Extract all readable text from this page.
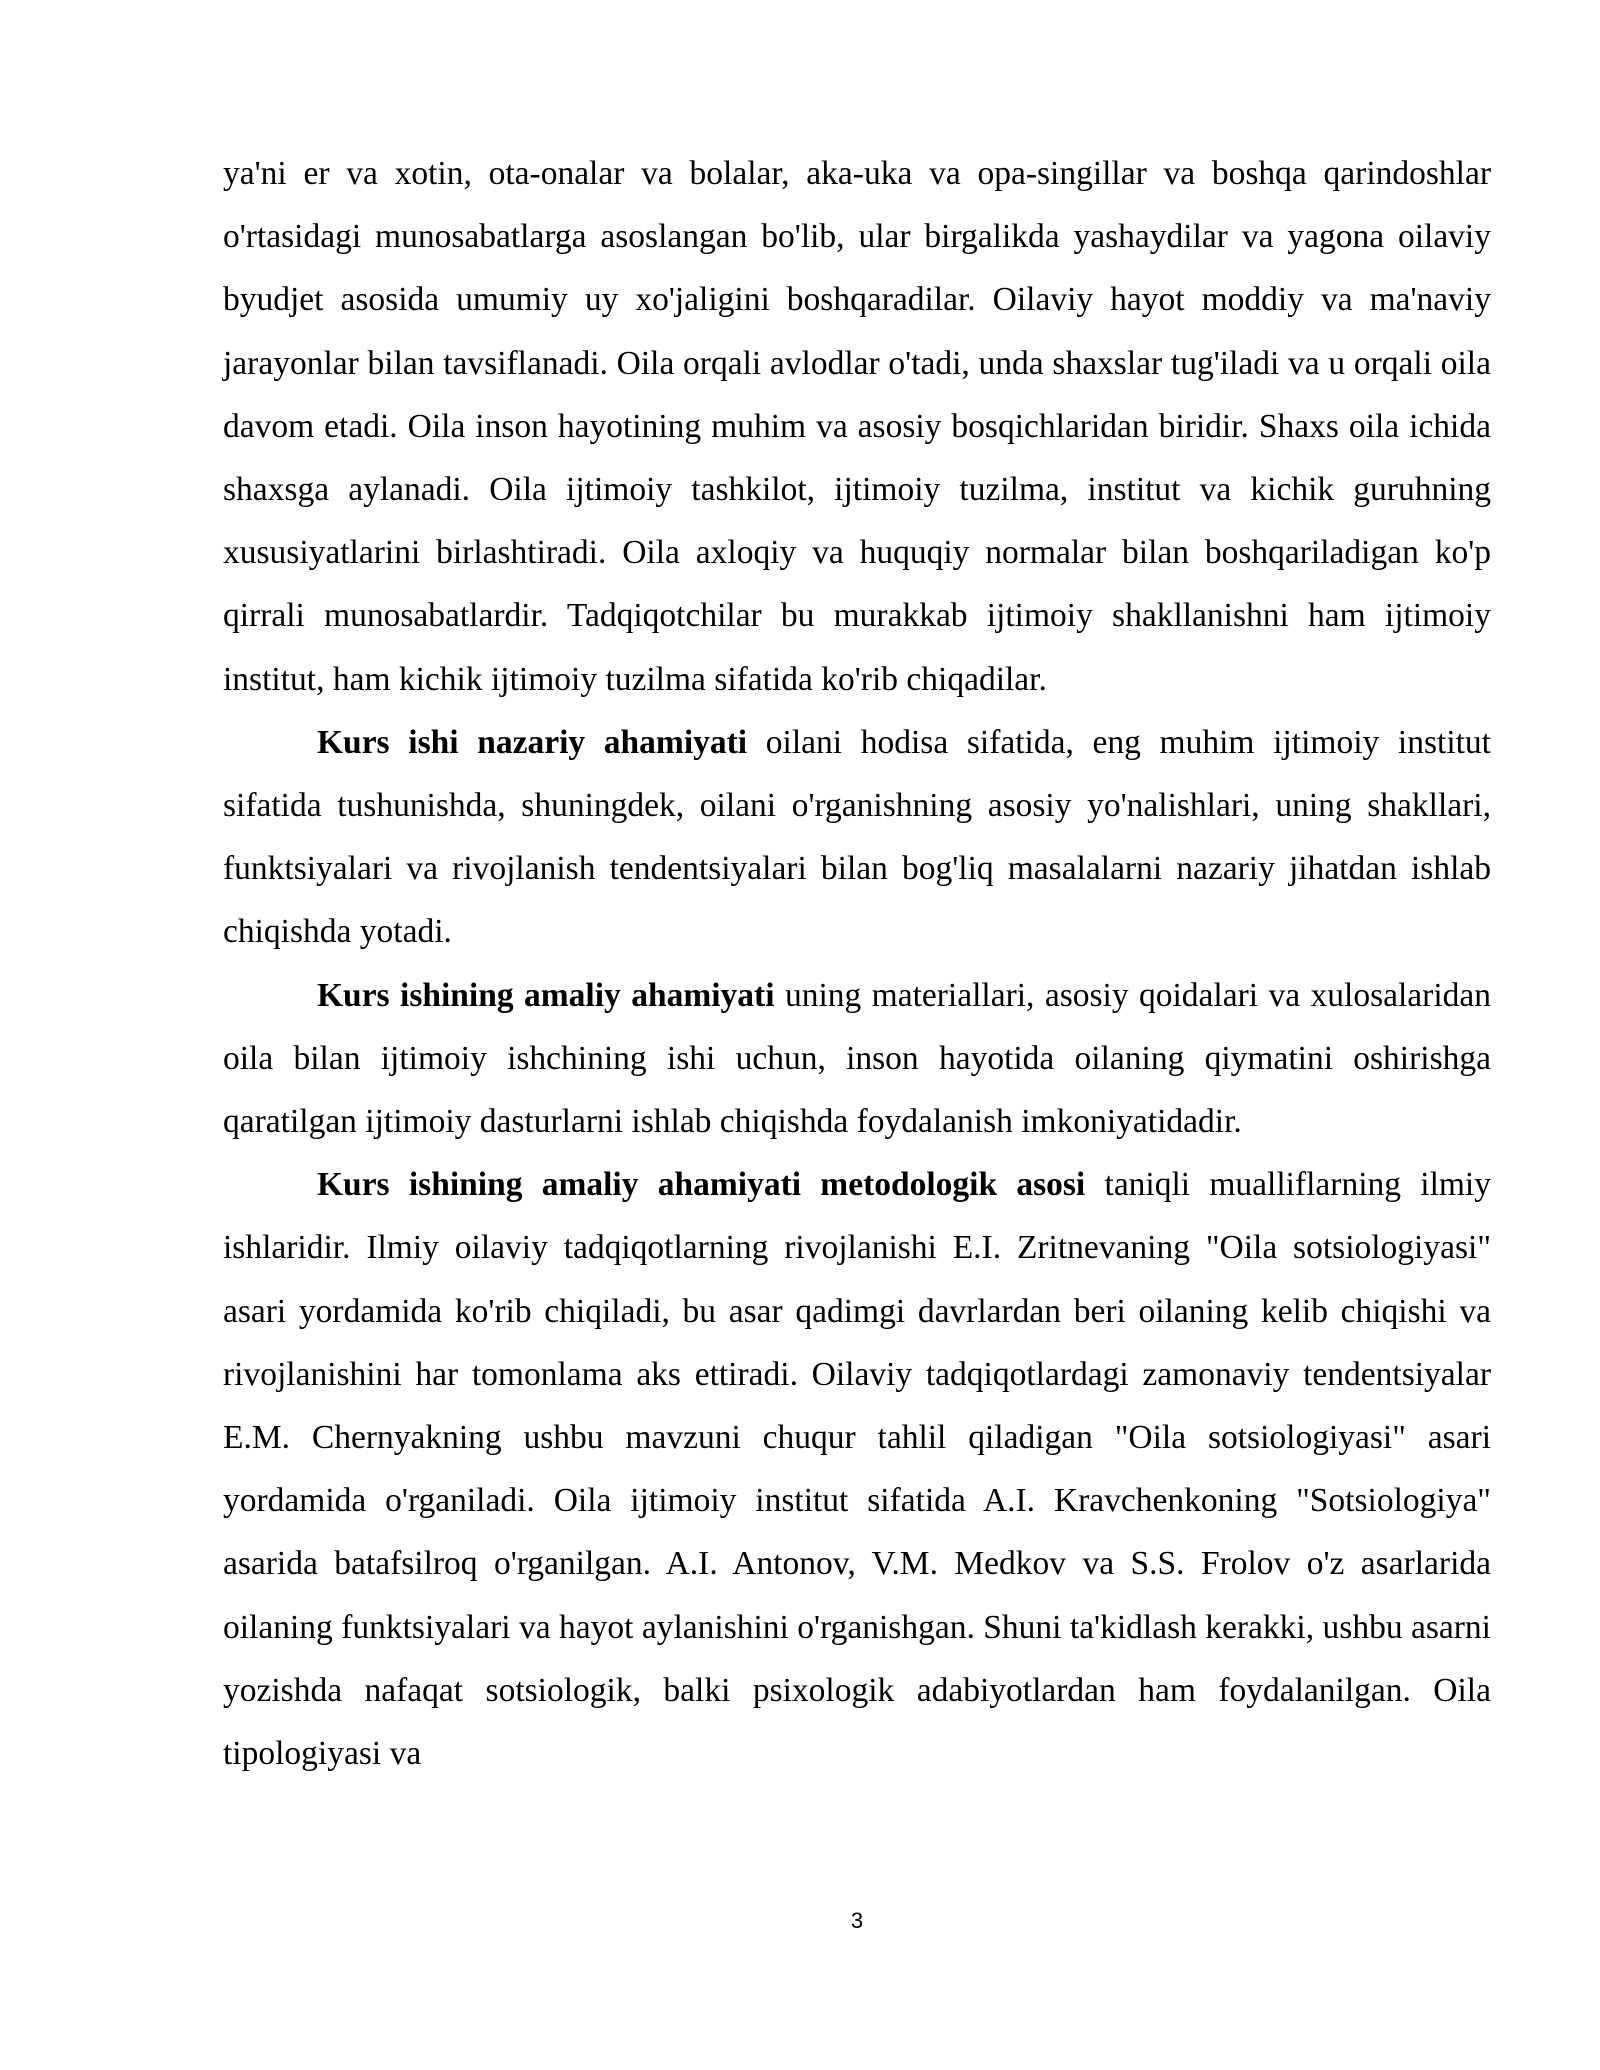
ya'ni er va xotin, ota-onalar va bolalar, aka-uka va opa-singillar va boshqa qarindoshlar o'rtasidagi munosabatlarga asoslangan bo'lib, ular birgalikda yashaydilar va yagona oilaviy byudjet asosida umumiy uy xo'jaligini boshqaradilar. Oilaviy hayot moddiy va ma'naviy jarayonlar bilan tavsiflanadi. Oila orqali avlodlar o'tadi, unda shaxslar tug'iladi va u orqali oila davom etadi. Oila inson hayotining muhim va asosiy bosqichlaridan biridir. Shaxs oila ichida shaxsga aylanadi. Oila ijtimoiy tashkilot, ijtimoiy tuzilma, institut va kichik guruhning xususiyatlarini birlashtiradi. Oila axloqiy va huquqiy normalar bilan boshqariladigan ko'p qirrali munosabatlardir. Tadqiqotchilar bu murakkab ijtimoiy shakllanishni ham ijtimoiy institut, ham kichik ijtimoiy tuzilma sifatida ko'rib chiqadilar.

Kurs ishi nazariy ahamiyati oilani hodisa sifatida, eng muhim ijtimoiy institut sifatida tushunishda, shuningdek, oilani o'rganishning asosiy yo'nalishlari, uning shakllari, funktsiyalari va rivojlanish tendentsiyalari bilan bog'liq masalalarni nazariy jihatdan ishlab chiqishda yotadi.

Kurs ishining amaliy ahamiyati uning materiallari, asosiy qoidalari va xulosalaridan oila bilan ijtimoiy ishchining ishi uchun, inson hayotida oilaning qiymatini oshirishga qaratilgan ijtimoiy dasturlarni ishlab chiqishda foydalanish imkoniyatidadir.

Kurs ishining amaliy ahamiyati metodologik asosi taniqli mualliflarning ilmiy ishlaridir. Ilmiy oilaviy tadqiqotlarning rivojlanishi E.I. Zritnevaning "Oila sotsiologiyasi" asari yordamida ko'rib chiqiladi, bu asar qadimgi davrlardan beri oilaning kelib chiqishi va rivojlanishini har tomonlama aks ettiradi. Oilaviy tadqiqotlardagi zamonaviy tendentsiyalar E.M. Chernyakning ushbu mavzuni chuqur tahlil qiladigan "Oila sotsiologiyasi" asari yordamida o'rganiladi. Oila ijtimoiy institut sifatida A.I. Kravchenkoning "Sotsiologiya" asarida batafsilroq o'rganilgan. A.I. Antonov, V.M. Medkov va S.S. Frolov o'z asarlarida oilaning funktsiyalari va hayot aylanishini o'rganishgan. Shuni ta'kidlash kerakki, ushbu asarni yozishda nafaqat sotsiologik, balki psixologik adabiyotlardan ham foydalanilgan. Oila tipologiyasi va

3
